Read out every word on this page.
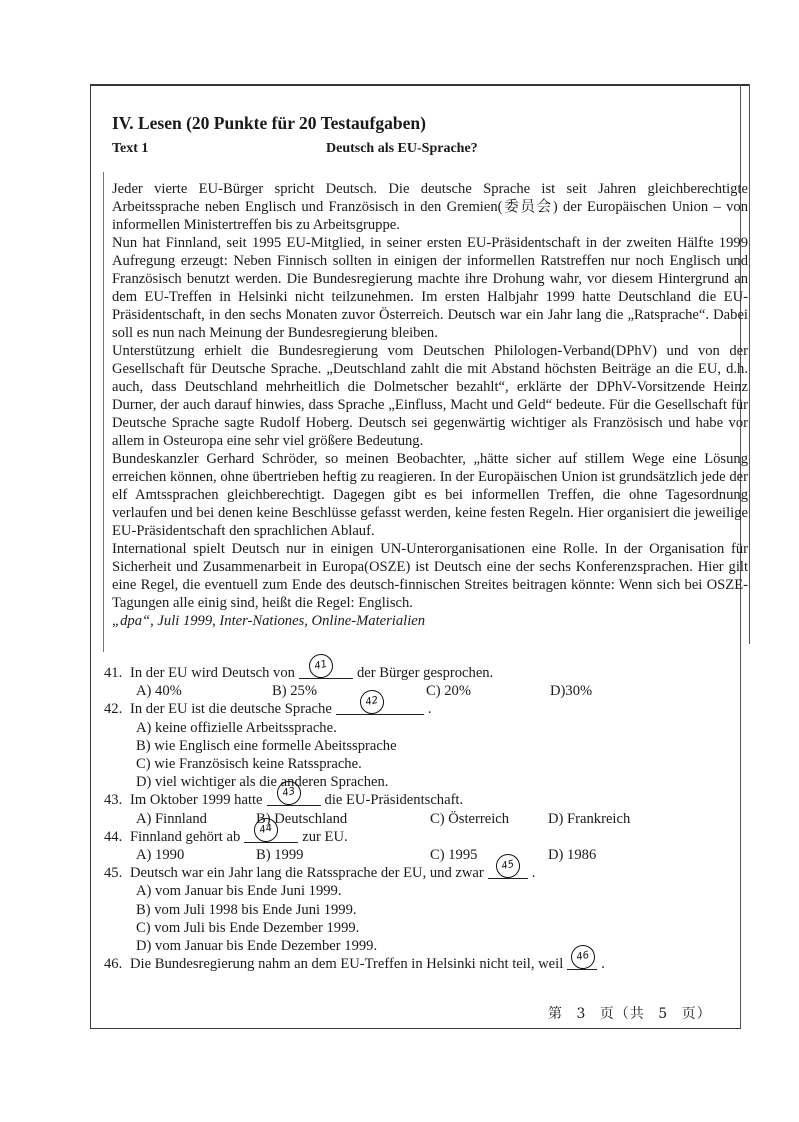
IV. Lesen (20 Punkte für 20 Testaufgaben)
Text 1	Deutsch als EU-Sprache?

Jeder vierte EU-Bürger spricht Deutsch. Die deutsche Sprache ist seit Jahren gleichberechtigte Arbeitssprache neben Englisch und Französisch in den Gremien(委员会) der Europäischen Union – von informellen Ministertreffen bis zu Arbeitsgruppe.

Nun hat Finnland, seit 1995 EU-Mitglied, in seiner ersten EU-Präsidentschaft in der zweiten Hälfte 1999 Aufregung erzeugt: Neben Finnisch sollten in einigen der informellen Ratstreffen nur noch Englisch und Französisch benutzt werden. Die Bundesregierung machte ihre Drohung wahr, vor diesem Hintergrund an dem EU-Treffen in Helsinki nicht teilzunehmen. Im ersten Halbjahr 1999 hatte Deutschland die EU-Präsidentschaft, in den sechs Monaten zuvor Österreich. Deutsch war ein Jahr lang die „Ratsprache“. Dabei soll es nun nach Meinung der Bundesregierung bleiben.

Unterstützung erhielt die Bundesregierung vom Deutschen Philologen-Verband(DPhV) und von der Gesellschaft für Deutsche Sprache. „Deutschland zahlt die mit Abstand höchsten Beiträge an die EU, d.h. auch, dass Deutschland mehrheitlich die Dolmetscher bezahlt“, erklärte der DPhV-Vorsitzende Heinz Durner, der auch darauf hinwies, dass Sprache „Einfluss, Macht und Geld“ bedeute. Für die Gesellschaft für Deutsche Sprache sagte Rudolf Hoberg. Deutsch sei gegenwärtig wichtiger als Französisch und habe vor allem in Osteuropa eine sehr viel größere Bedeutung.

Bundeskanzler Gerhard Schröder, so meinen Beobachter, „hätte sicher auf stillem Wege eine Lösung erreichen können, ohne übertrieben heftig zu reagieren. In der Europäischen Union ist grundsätzlich jede der elf Amtssprachen gleichberechtigt. Dagegen gibt es bei informellen Treffen, die ohne Tagesordnung verlaufen und bei denen keine Beschlüsse gefasst werden, keine festen Regeln. Hier organisiert die jeweilige EU-Präsidentschaft den sprachlichen Ablauf.

International spielt Deutsch nur in einigen UN-Unterorganisationen eine Rolle. In der Organisation für Sicherheit und Zusammenarbeit in Europa(OSZE) ist Deutsch eine der sechs Konferenzsprachen. Hier gilt eine Regel, die eventuell zum Ende des deutsch-finnischen Streites beitragen könnte: Wenn sich bei OSZE-Tagungen alle einig sind, heißt die Regel: Englisch.

„dpa“, Juli 1999, Inter-Nationes, Online-Materialien
41. In der EU wird Deutsch von	41	der Bürger gesprochen.
A) 40%	B) 25%	C) 20%	D)30%
42. In der EU ist die deutsche Sprache	42	.
A) keine offizielle Arbeitssprache.
B) wie Englisch eine formelle Abeitssprache
C) wie Französisch keine Ratssprache.
D) viel wichtiger als die anderen Sprachen.
43. Im Oktober 1999 hatte	43	die EU-Präsidentschaft.
A) Finnland	B) Deutschland	C) Österreich	D) Frankreich
44. Finnland gehört ab	44	zur EU.
A) 1990	B) 1999	C) 1995	D) 1986
45. Deutsch war ein Jahr lang die Ratssprache der EU, und zwar	45	.
A) vom Januar bis Ende Juni 1999.
B) vom Juli 1998 bis Ende Juni 1999.
C) vom Juli bis Ende Dezember 1999.
D) vom Januar bis Ende Dezember 1999.
46. Die Bundesregierung nahm an dem EU-Treffen in Helsinki nicht teil, weil	46 .
第 3 页（共 5 页）
